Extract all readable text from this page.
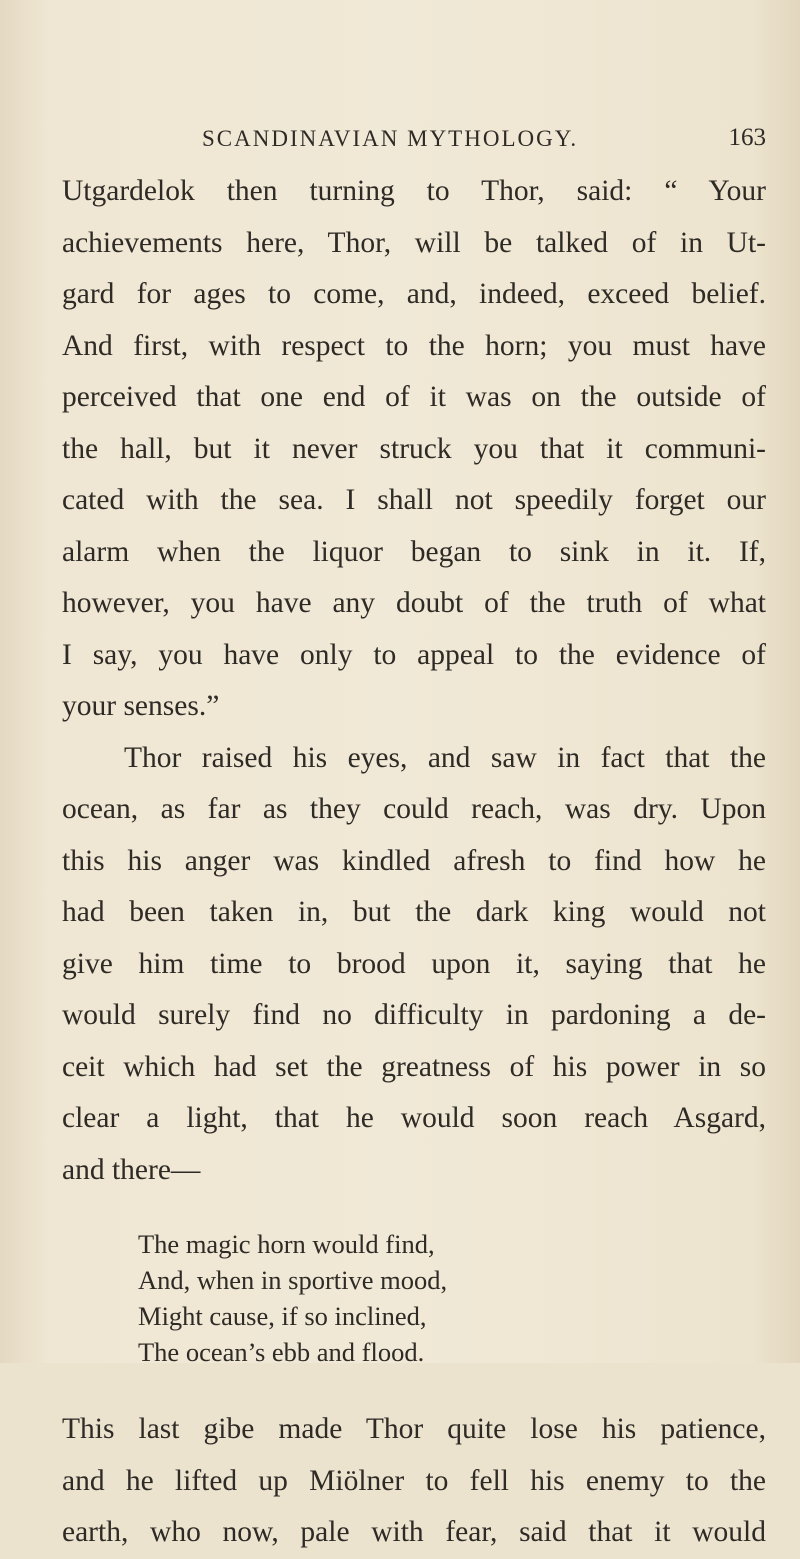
SCANDINAVIAN MYTHOLOGY.	163
Utgardelok then turning to Thor, said: “ Your
achievements here, Thor, will be talked of in Ut-
gard for ages to come, and, indeed, exceed belief.
And first, with respect to the horn; you must have
perceived that one end of it was on the outside of
the hall, but it never struck you that it communi-
cated with the sea. I shall not speedily forget our
alarm when the liquor began to sink in it. If,
however, you have any doubt of the truth of what
I say, you have only to appeal to the evidence of
your senses.”
Thor raised his eyes, and saw in fact that the
ocean, as far as they could reach, was dry. Upon
this his anger was kindled afresh to find how he
had been taken in, but the dark king would not
give him time to brood upon it, saying that he
would surely find no difficulty in pardoning a de-
ceit which had set the greatness of his power in so
clear a light, that he would soon reach Asgard,
and there—
The magic horn would find,
And, when in sportive mood,
Might cause, if so inclined,
The ocean’s ebb and flood.
This last gibe made Thor quite lose his patience,
and he lifted up Miölner to fell his enemy to the
earth, who now, pale with fear, said that it would
